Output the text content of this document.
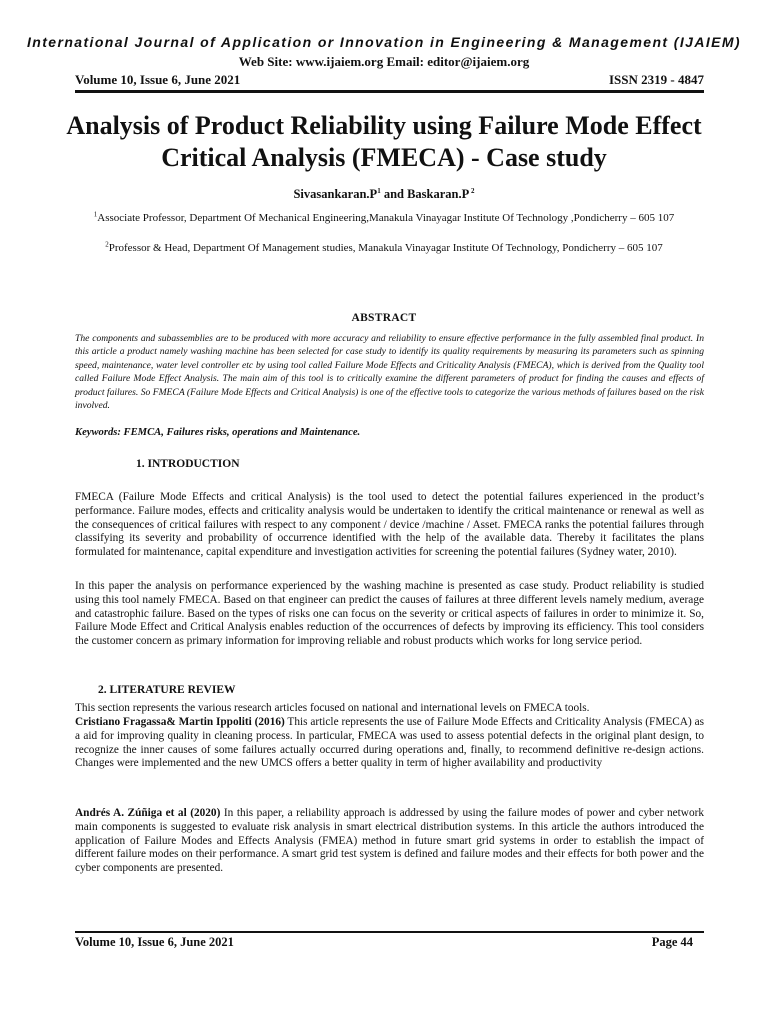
International Journal of Application or Innovation in Engineering & Management (IJAIEM)
Web Site: www.ijaiem.org Email: editor@ijaiem.org
Volume 10, Issue 6, June 2021	ISSN 2319 - 4847
Analysis of Product Reliability using Failure Mode Effect Critical Analysis (FMECA) - Case study
$Sivasankaran.P^1$ and Baskaran.P $^2$
$^1$Associate Professor, Department Of Mechanical Engineering,Manakula Vinayagar Institute Of Technology ,Pondicherry – 605 107
$^2$Professor & Head, Department Of Management studies, Manakula Vinayagar Institute Of Technology, Pondicherry – 605 107
ABSTRACT
The components and subassemblies are to be produced with more accuracy and reliability to ensure effective performance in the fully assembled final product. In this article a product namely washing machine has been selected for case study to identify its quality requirements by measuring its parameters such as spinning speed, maintenance, water level controller etc by using tool called Failure Mode Effects and Criticality Analysis (FMECA), which is derived from the Quality tool called Failure Mode Effect Analysis. The main aim of this tool is to critically examine the different parameters of product for finding the causes and effects of product failures. So FMECA (Failure Mode Effects and Critical Analysis) is one of the effective tools to categorize the various methods of failures based on the risk involved.
Keywords: FEMCA, Failures risks, operations and Maintenance.
1. INTRODUCTION
FMECA (Failure Mode Effects and critical Analysis) is the tool used to detect the potential failures experienced in the product’s performance. Failure modes, effects and criticality analysis would be undertaken to identify the critical maintenance or renewal as well as the consequences of critical failures with respect to any component / device /machine / Asset. FMECA ranks the potential failures through classifying its severity and probability of occurrence identified with the help of the available data. Thereby it facilitates the plans formulated for maintenance, capital expenditure and investigation activities for screening the potential failures (Sydney water, 2010).
In this paper the analysis on performance experienced by the washing machine is presented as case study. Product reliability is studied using this tool namely FMECA. Based on that engineer can predict the causes of failures at three different levels namely medium, average and catastrophic failure. Based on the types of risks one can focus on the severity or critical aspects of failures in order to minimize it. So, Failure Mode Effect and Critical Analysis enables reduction of the occurrences of defects by improving its efficiency. This tool considers the customer concern as primary information for improving reliable and robust products which works for long service period.
2. LITERATURE REVIEW
This section represents the various research articles focused on national and international levels on FMECA tools.
Cristiano Fragassa& Martin Ippoliti (2016) This article represents the use of Failure Mode Effects and Criticality Analysis (FMECA) as a aid for improving quality in cleaning process. In particular, FMECA was used to assess potential defects in the original plant design, to recognize the inner causes of some failures actually occurred during operations and, finally, to recommend definitive re-design actions. Changes were implemented and the new UMCS offers a better quality in term of higher availability and productivity
Andrés A. Zúñiga et al (2020) In this paper, a reliability approach is addressed by using the failure modes of power and cyber network main components is suggested to evaluate risk analysis in smart electrical distribution systems. In this article the authors introduced the application of Failure Modes and Effects Analysis (FMEA) method in future smart grid systems in order to establish the impact of different failure modes on their performance. A smart grid test system is defined and failure modes and their effects for both power and the cyber components are presented.
Volume 10, Issue 6, June 2021	Page 44
